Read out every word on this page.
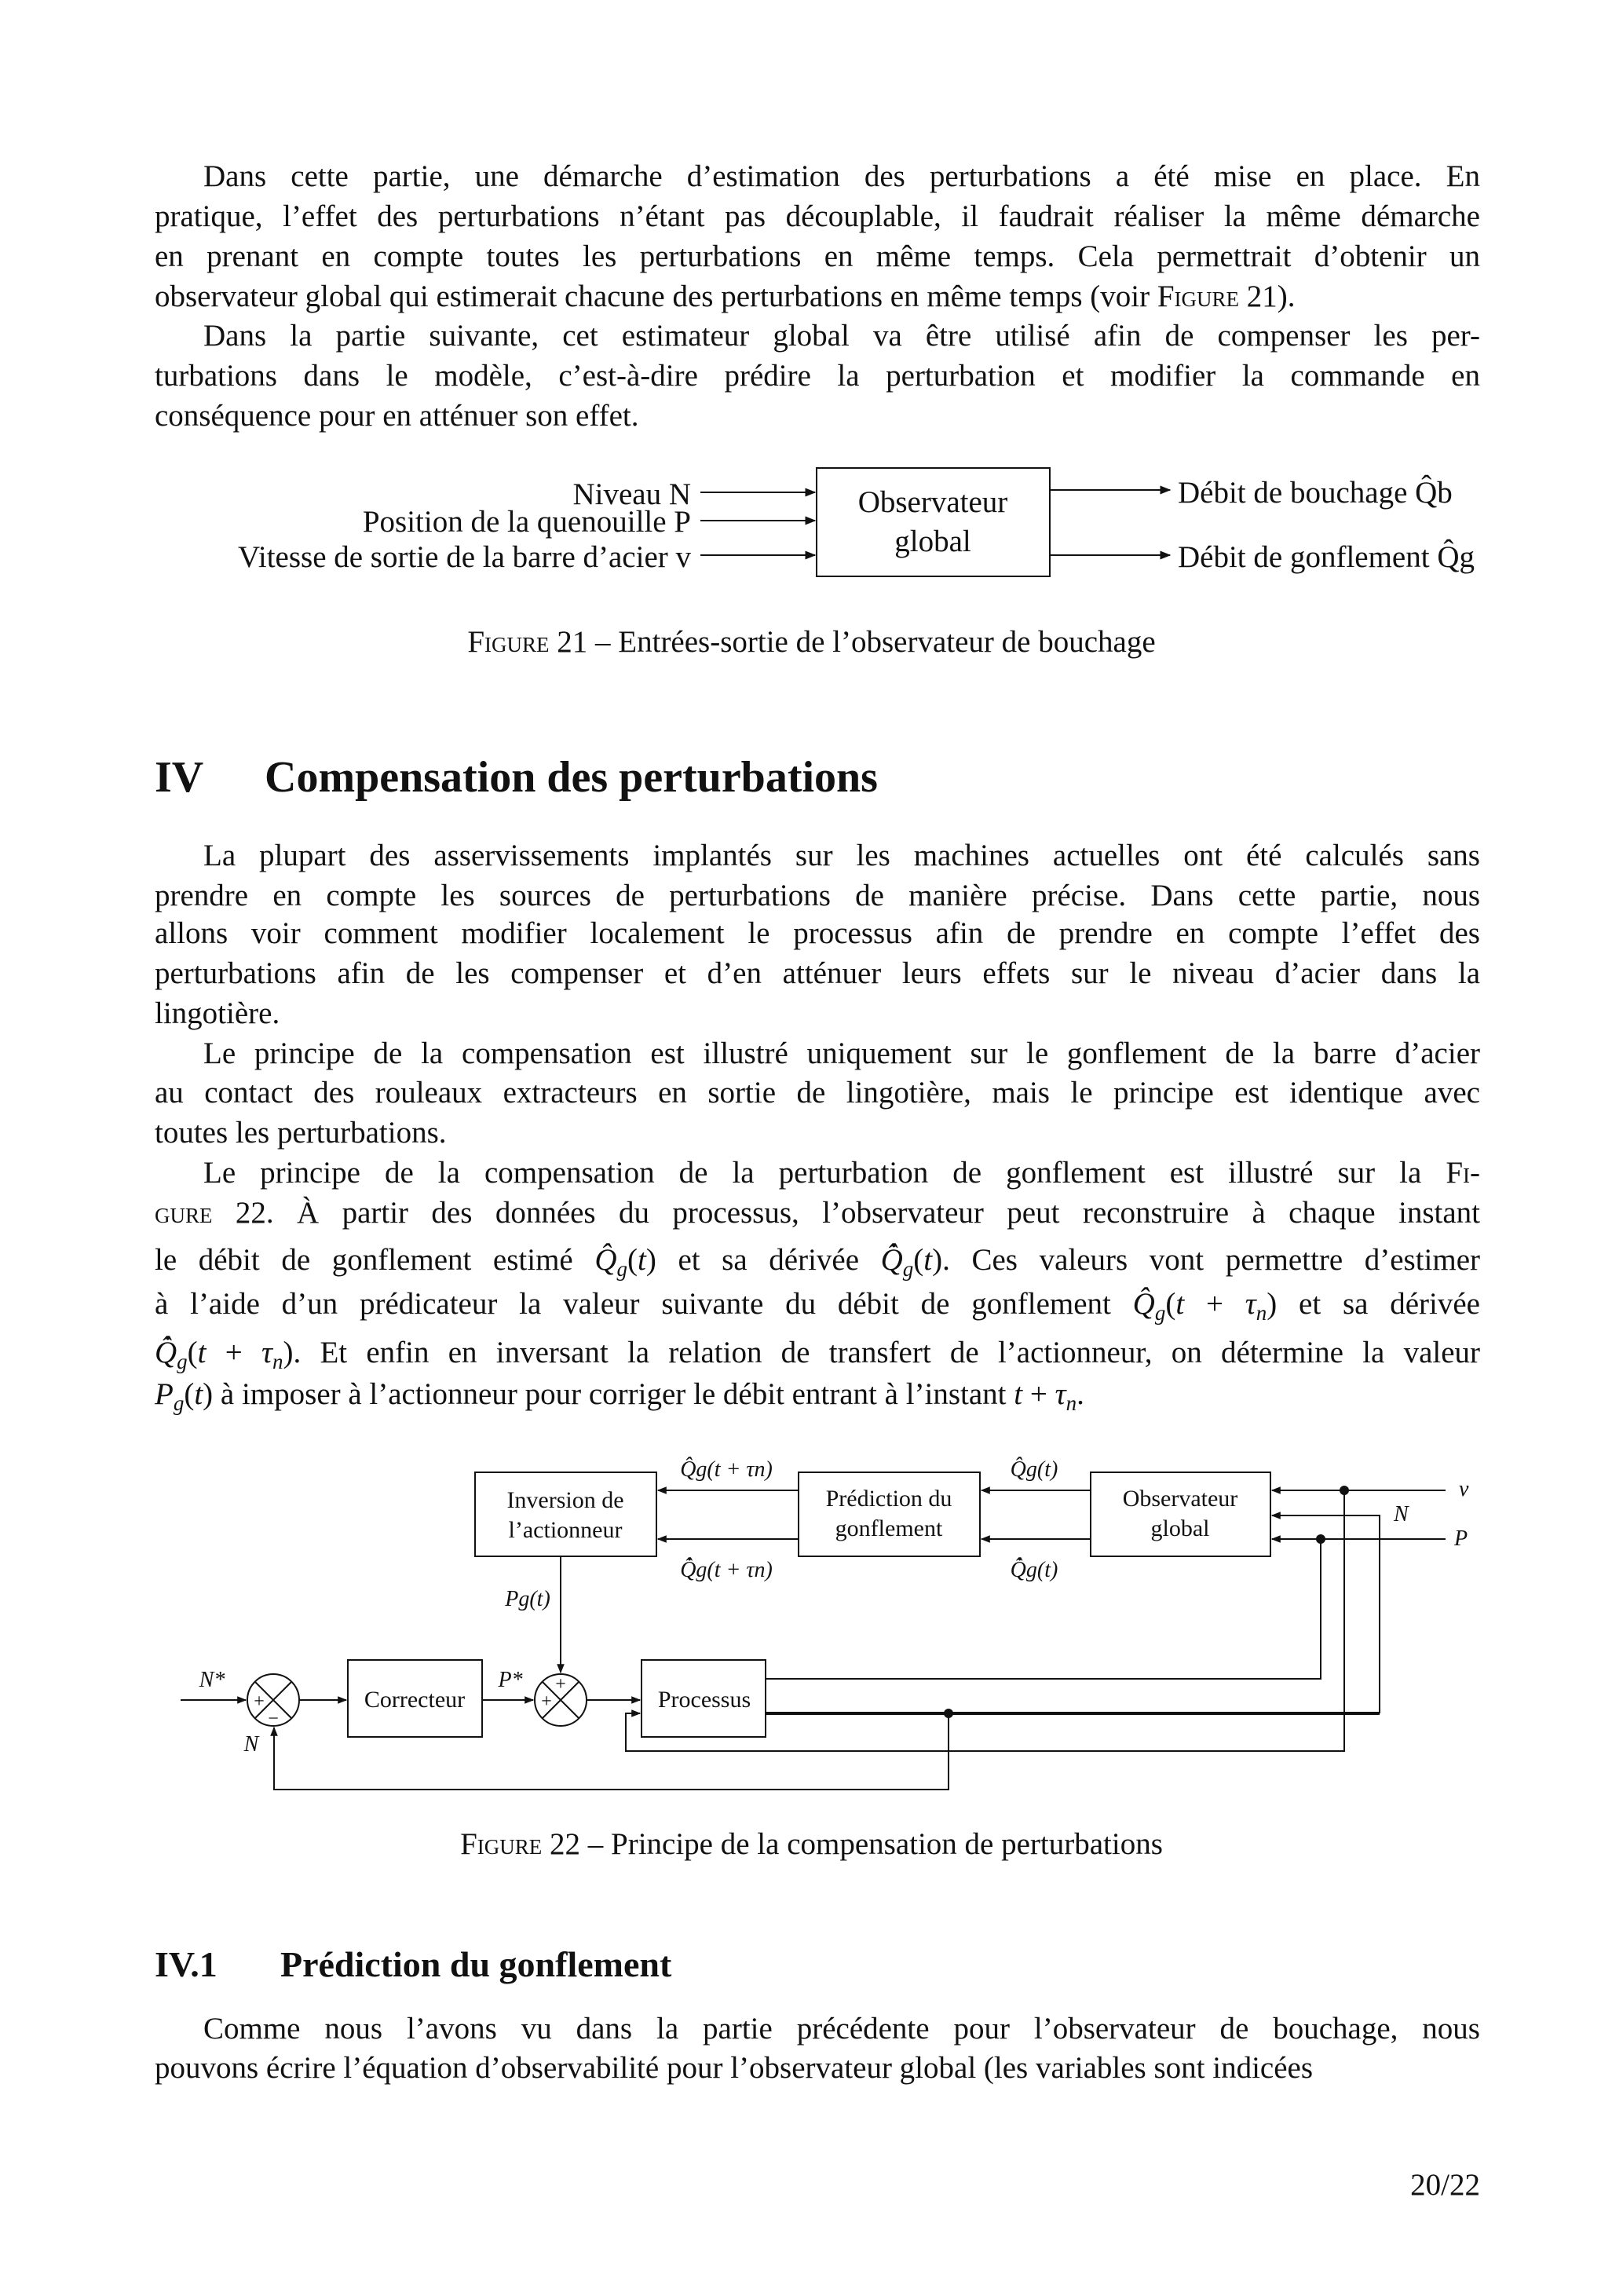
Dans cette partie, une démarche d’estimation des perturbations a été mise en place. En
pratique, l’effet des perturbations n’étant pas découplable, il faudrait réaliser la même démarche
en prenant en compte toutes les perturbations en même temps. Cela permettrait d’obtenir un
observateur global qui estimerait chacune des perturbations en même temps (voir Figure 21).
Dans la partie suivante, cet estimateur global va être utilisé afin de compenser les per-
turbations dans le modèle, c’est-à-dire prédire la perturbation et modifier la commande en
conséquence pour en atténuer son effet.
La plupart des asservissements implantés sur les machines actuelles ont été calculés sans
prendre en compte les sources de perturbations de manière précise. Dans cette partie, nous
allons voir comment modifier localement le processus afin de prendre en compte l’effet des
perturbations afin de les compenser et d’en atténuer leurs effets sur le niveau d’acier dans la
lingotière.
Le principe de la compensation est illustré uniquement sur le gonflement de la barre d’acier
au contact des rouleaux extracteurs en sortie de lingotière, mais le principe est identique avec
toutes les perturbations.
Le principe de la compensation de la perturbation de gonflement est illustré sur la Fi-
gure 22. À partir des données du processus, l’observateur peut reconstruire à chaque instant
le débit de gonflement estimé $Q̂_g(t)$ et sa dérivée $Q̂̇_g(t)$. Ces valeurs vont permettre d’estimer
à l’aide d’un prédicateur la valeur suivante du débit de gonflement $Q̂_g(t + \tau_n)$ et sa dérivée
$Q̂̇_g(t + \tau_n)$. Et enfin en inversant la relation de transfert de l’actionneur, on détermine la valeur
$P_g(t)$ à imposer à l’actionneur pour corriger le débit entrant à l’instant $t + \tau_n$.
Comme nous l’avons vu dans la partie précédente pour l’observateur de bouchage, nous
pouvons écrire l’équation d’observabilité pour l’observateur global (les variables sont indicées
Niveau N
Position de la quenouille P
Vitesse de sortie de la barre d’acier v
Observateur
global
Débit de bouchage Q̂b
Débit de gonflement Q̂g
Figure 21 – Entrées-sortie de l’observateur de bouchage
IV Compensation des perturbations
Inversion de
l’actionneur
Prédiction du
gonflement
Observateur
global
Correcteur	Processus
Q̂g(t + τn)
Q̂̇g(t + τn)
Q̂g(t)
Q̂̇g(t)
Pg(t)
N*	P*
N
v
N
P
+
−
+
+
Figure 22 – Principe de la compensation de perturbations
IV.1 Prédiction du gonflement
20/22
